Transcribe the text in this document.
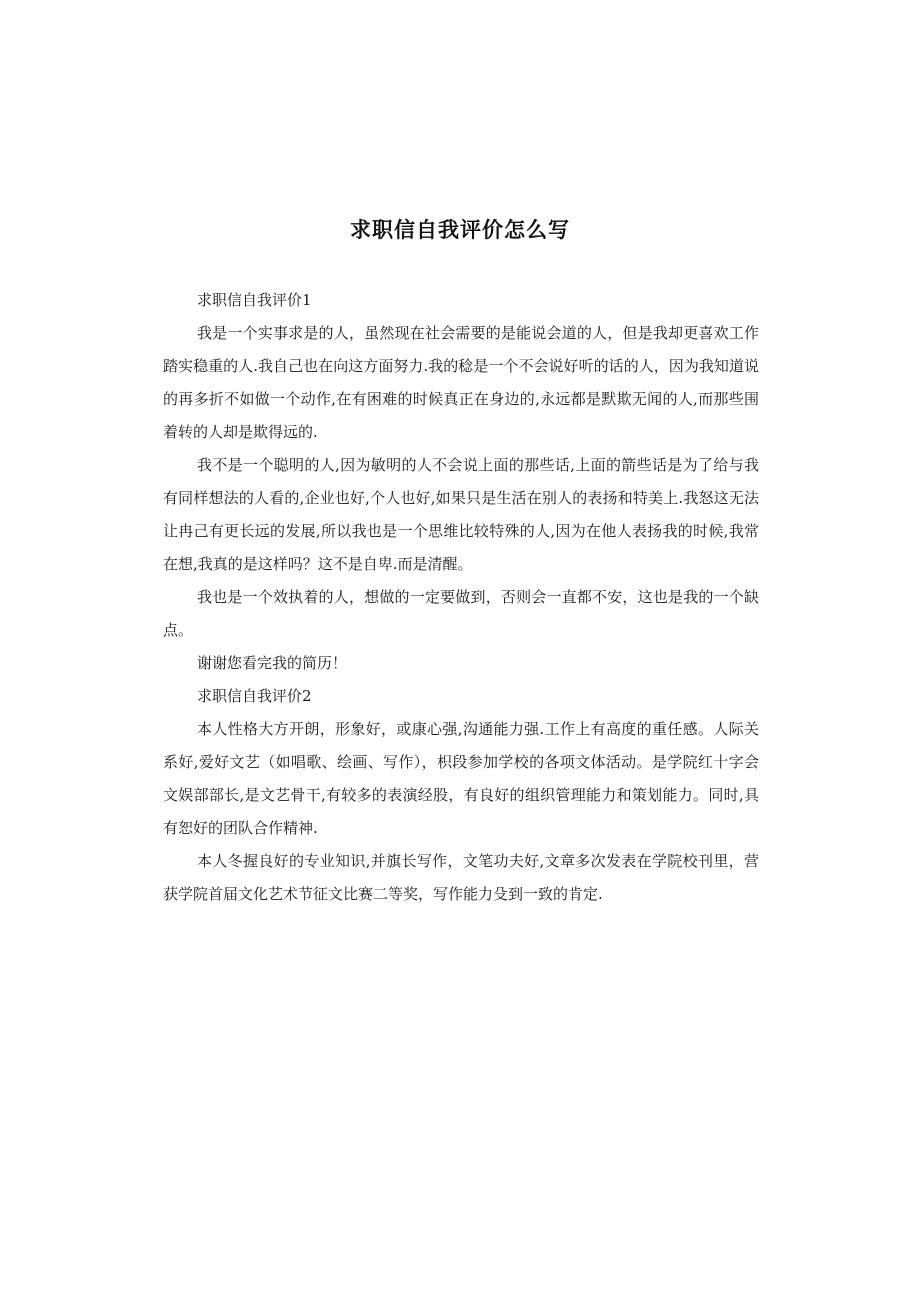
求职信自我评价怎么写

求职信自我评价1

我是一个实事求是的人，虽然现在社会需要的是能说会道的人，但是我却更喜欢工作踏实稳重的人.我自己也在向这方面努力.我的稔是一个不会说好听的话的人，因为我知道说的再多折不如做一个动作,在有困难的时候真正在身边的,永远都是默欺无闻的人,而那些围着转的人却是欺得远的.

我不是一个聪明的人,因为敏明的人不会说上面的那些话,上面的箭些话是为了给与我有同样想法的人看的,企业也好,个人也好,如果只是生活在别人的表扬和特美上.我怒这无法让冉己有更长远的发展,所以我也是一个思维比较特殊的人,因为在他人表扬我的时候,我常在想,我真的是这样吗？这不是自卑.而是清醒。

我也是一个效执着的人，想做的一定要做到，否则会一直都不安，这也是我的一个缺点。

谢谢您看完我的简历！

求职信自我评价2

本人性格大方开朗，形象好，或康心强,沟通能力强.工作上有高度的重任感。人际关系好,爱好文艺（如唱歌、绘画、写作），枳段参加学校的各项文体活动。是学院红十字会文娱部部长,是文艺骨干,有较多的表演经股，有良好的组织管理能力和策划能力。同时,具有恕好的团队合作精神.

本人冬握良好的专业知识,并旗长写作，文笔功夫好,文章多次发表在学院校刊里，营获学院首届文化艺术节征文比赛二等奖，写作能力殳到一致的肯定.
